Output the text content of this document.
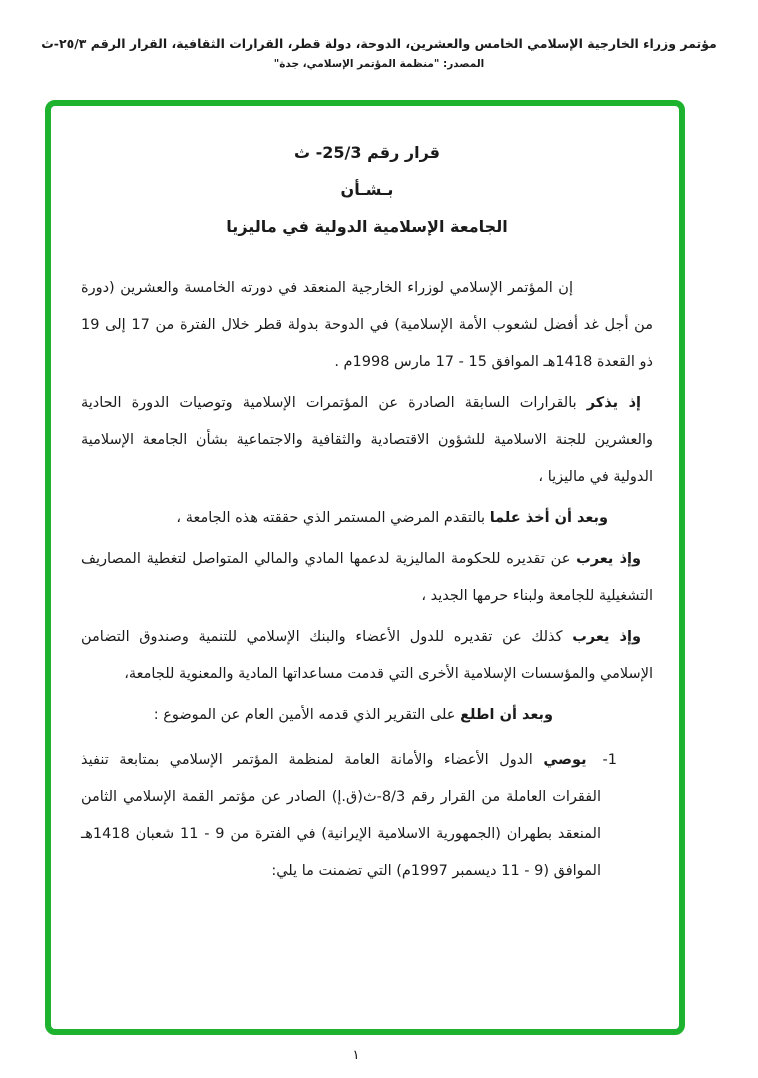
مؤتمر وزراء الخارجية الإسلامي الخامس والعشرين، الدوحة، دولة قطر، القرارات الثقافية، القرار الرقم ٢٥/٣-ث
المصدر: "منظمة المؤتمر الإسلامي، جدة"
قرار رقم 25/3- ث
بـشـأن
الجامعة الإسلامية الدولية في ماليزيا

إن المؤتمر الإسلامي لوزراء الخارجية المنعقد في دورته الخامسة والعشرين (دورة من أجل غد أفضل لشعوب الأمة الإسلامية) في الدوحة بدولة قطر خلال الفترة من 17 إلى 19 ذو القعدة 1418هـ الموافق 15 - 17 مارس 1998م .

إذ يذكر بالقرارات السابقة الصادرة عن المؤتمرات الإسلامية وتوصيات الدورة الحادية والعشرين للجنة الاسلامية للشؤون الاقتصادية والثقافية والاجتماعية بشأن الجامعة الإسلامية الدولية في ماليزيا ،

وبعد أن أخذ علما بالتقدم المرضي المستمر الذي حققته هذه الجامعة ،

وإذ يعرب عن تقديره للحكومة الماليزية لدعمها المادي والمالي المتواصل لتغطية المصاريف التشغيلية للجامعة ولبناء حرمها الجديد ،

وإذ يعرب كذلك عن تقديره للدول الأعضاء والبنك الإسلامي للتنمية وصندوق التضامن الإسلامي والمؤسسات الإسلامية الأخرى التي قدمت مساعداتها المادية والمعنوية للجامعة،

وبعد أن اطلع على التقرير الذي قدمه الأمين العام عن الموضوع :

1-يوصي الدول الأعضاء والأمانة العامة لمنظمة المؤتمر الإسلامي بمتابعة تنفيذ الفقرات العاملة من القرار رقم 8/3-ث(ق.إ) الصادر عن مؤتمر القمة الإسلامي الثامن المنعقد بطهران (الجمهورية الاسلامية الإيرانية) في الفترة من 9 - 11 شعبان 1418هـ الموافق (9 - 11 ديسمبر 1997م) التي تضمنت ما يلي:
١
